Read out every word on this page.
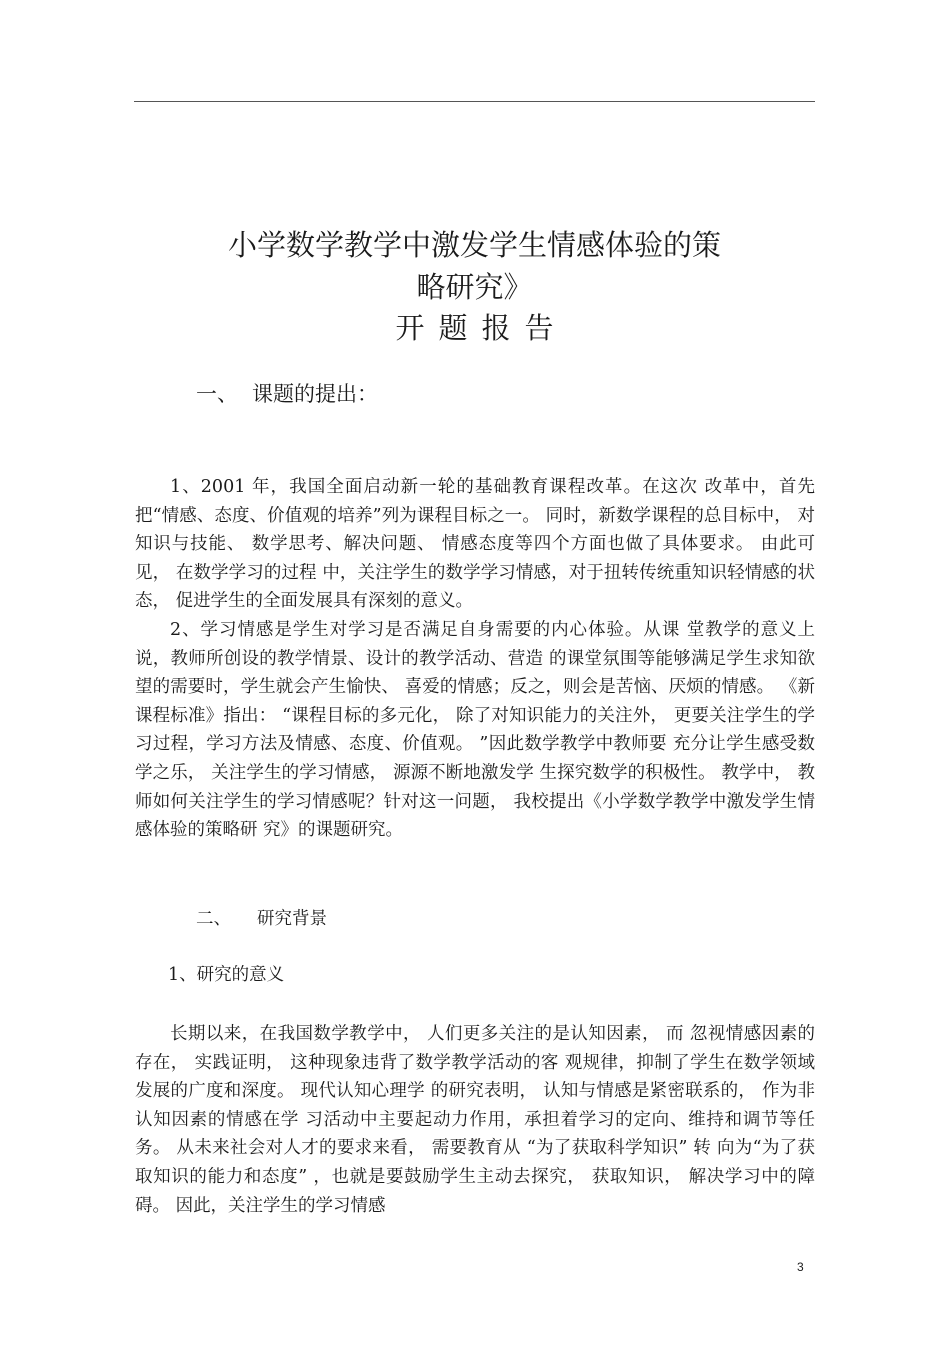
小学数学教学中激发学生情感体验的策
略研究》
开题报告
一、 课题的提出：

1、2001 年，我国全面启动新一轮的基础教育课程改革。在这次 改革中，首先把“情感、态度、价值观的培养”列为课程目标之一。 同时，新数学课程的总目标中， 对知识与技能、 数学思考、解决问题、 情感态度等四个方面也做了具体要求。 由此可见， 在数学学习的过程 中，关注学生的数学学习情感，对于扭转传统重知识轻情感的状态， 促进学生的全面发展具有深刻的意义。

2、学习情感是学生对学习是否满足自身需要的内心体验。从课 堂教学的意义上说，教师所创设的教学情景、设计的教学活动、营造 的课堂氛围等能够满足学生求知欲望的需要时，学生就会产生愉快、 喜爱的情感；反之，则会是苦恼、厌烦的情感。 《新课程标准》指出： “课程目标的多元化， 除了对知识能力的关注外， 更要关注学生的学 习过程，学习方法及情感、态度、价值观。 ”因此数学教学中教师要 充分让学生感受数学之乐， 关注学生的学习情感， 源源不断地激发学 生探究数学的积极性。 教学中， 教师如何关注学生的学习情感呢？针对这一问题， 我校提出《小学数学教学中激发学生情感体验的策略研 究》的课题研究。

二、 研究背景
1、研究的意义

长期以来，在我国数学教学中， 人们更多关注的是认知因素， 而 忽视情感因素的存在， 实践证明， 这种现象违背了数学教学活动的客 观规律，抑制了学生在数学领域发展的广度和深度。 现代认知心理学 的研究表明， 认知与情感是紧密联系的， 作为非认知因素的情感在学 习活动中主要起动力作用，承担着学习的定向、维持和调节等任务。 从未来社会对人才的要求来看， 需要教育从 “为了获取科学知识” 转 向为“为了获取知识的能力和态度” ，也就是要鼓励学生主动去探究， 获取知识， 解决学习中的障碍。 因此，关注学生的学习情感

3
